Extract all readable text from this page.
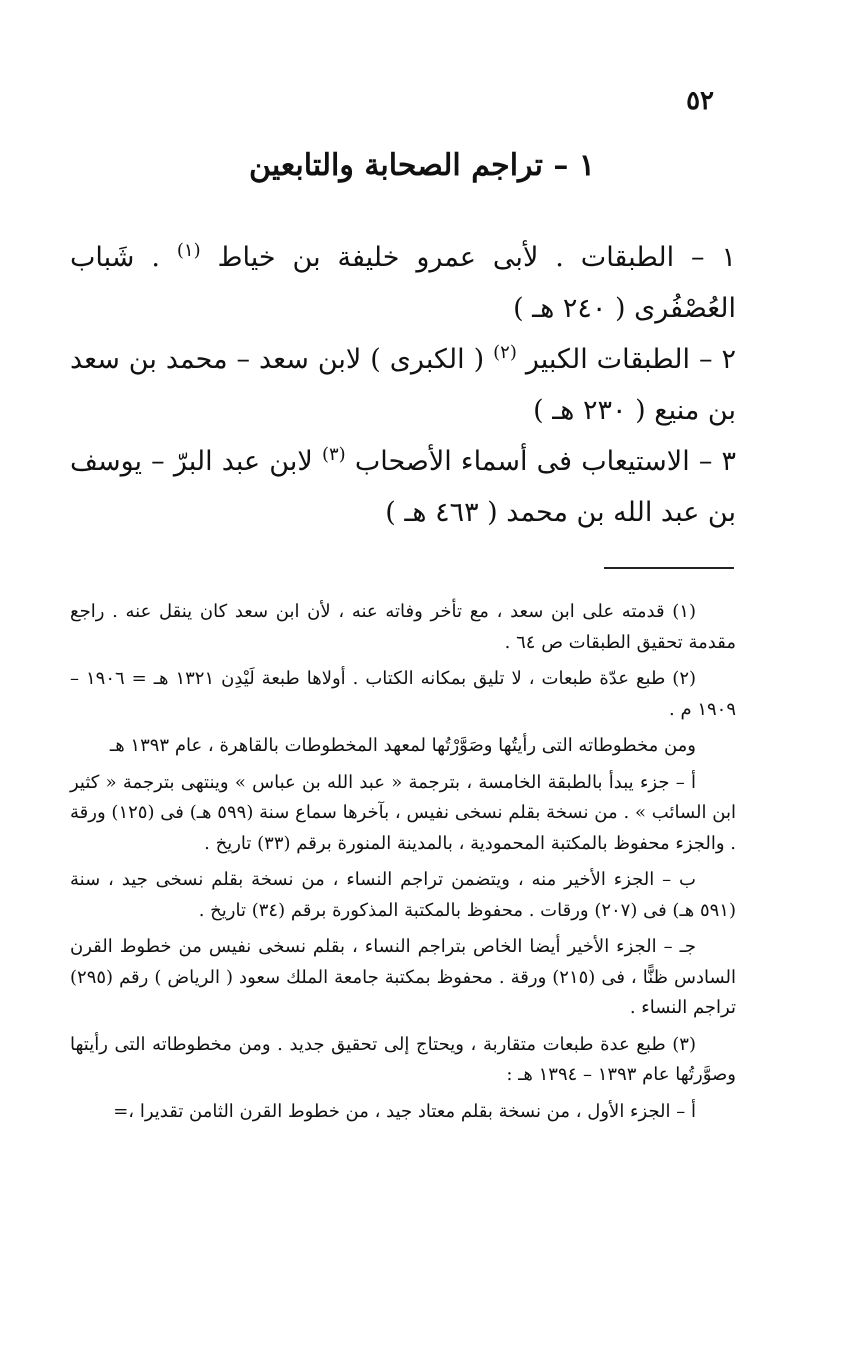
٥٢
١ – تراجم الصحابة والتابعين

١ – الطبقات . لأبى عمرو خليفة بن خياط $^{(١)}$ . شَباب العُصْفُرى ( ٢٤٠ هـ )

٢ – الطبقات الكبير $^{(٢)}$ ( الكبرى ) لابن سعد – محمد بن سعد بن منيع ( ٢٣٠ هـ )

٣ – الاستيعاب فى أسماء الأصحاب $^{(٣)}$ لابن عبد البرّ – يوسف بن عبد الله بن محمد ( ٤٦٣ هـ )

(١) قدمته على ابن سعد ، مع تأخر وفاته عنه ، لأن ابن سعد كان ينقل عنه . راجع مقدمة تحقيق الطبقات ص ٦٤ .

(٢) طبع عدّة طبعات ، لا تليق بمكانه الكتاب . أولاها طبعة لَيْدِن ١٣٢١ هـ = ١٩٠٦ – ١٩٠٩ م .

ومن مخطوطاته التى رأيتُها وصَوَّرْتُها لمعهد المخطوطات بالقاهرة ، عام ١٣٩٣ هـ

أ – جزء يبدأ بالطبقة الخامسة ، بترجمة « عبد الله بن عباس » وينتهى بترجمة « كثير ابن السائب » . من نسخة بقلم نسخى نفيس ، بآخرها سماع سنة (٥٩٩ هـ) فى (١٢٥) ورقة . والجزء محفوظ بالمكتبة المحمودية ، بالمدينة المنورة برقم (٣٣) تاريخ .

ب – الجزء الأخير منه ، ويتضمن تراجم النساء ، من نسخة بقلم نسخى جيد ، سنة (٥٩١ هـ) فى (٢٠٧) ورقات . محفوظ بالمكتبة المذكورة برقم (٣٤) تاريخ .

جـ – الجزء الأخير أيضا الخاص بتراجم النساء ، بقلم نسخى نفيس من خطوط القرن السادس ظنًّا ، فى (٢١٥) ورقة . محفوظ بمكتبة جامعة الملك سعود ( الرياض ) رقم (٢٩٥) تراجم النساء .

(٣) طبع عدة طبعات متقاربة ، ويحتاج إلى تحقيق جديد . ومن مخطوطاته التى رأيتها وصوَّرتُها عام ١٣٩٣ – ١٣٩٤ هـ :

أ – الجزء الأول ، من نسخة بقلم معتاد جيد ، من خطوط القرن الثامن تقديرا ،=
